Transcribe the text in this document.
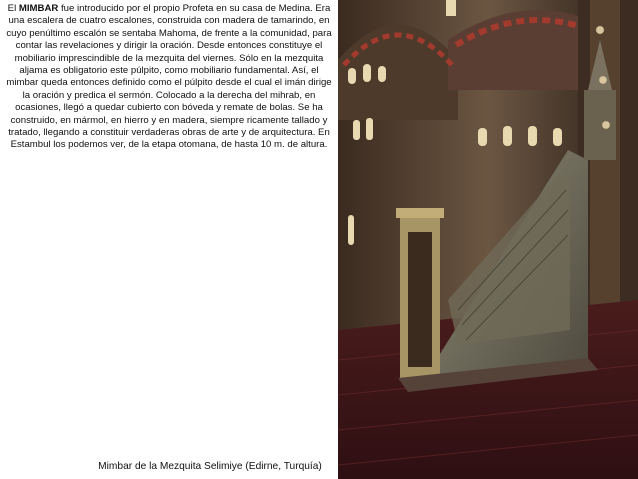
El MIMBAR fue introducido por el propio Profeta en su casa de Medina. Era una escalera de cuatro escalones, construida con madera de tamarindo, en cuyo penúltimo escalón se sentaba Mahoma, de frente a la comunidad, para contar las revelaciones y dirigir la oración. Desde entonces constituye el mobiliario imprescindible de la mezquita del viernes. Sólo en la mezquita aljama es obligatorio este púlpito, como mobiliario fundamental. Así, el mimbar queda entonces definido como el púlpito desde el cual el imán dirige la oración y predica el sermón. Colocado a la derecha del mihrab, en ocasiones, llegó a quedar cubierto con bóveda y remate de bolas. Se ha construido, en mármol, en hierro y en madera, siempre ricamente tallado y tratado, llegando a constituir verdaderas obras de arte y de arquitectura. En Estambul los podemos ver, de la etapa otomana, de hasta 10 m. de altura.

Mimbar de la Mezquita Selimiye (Edirne, Turquía)
